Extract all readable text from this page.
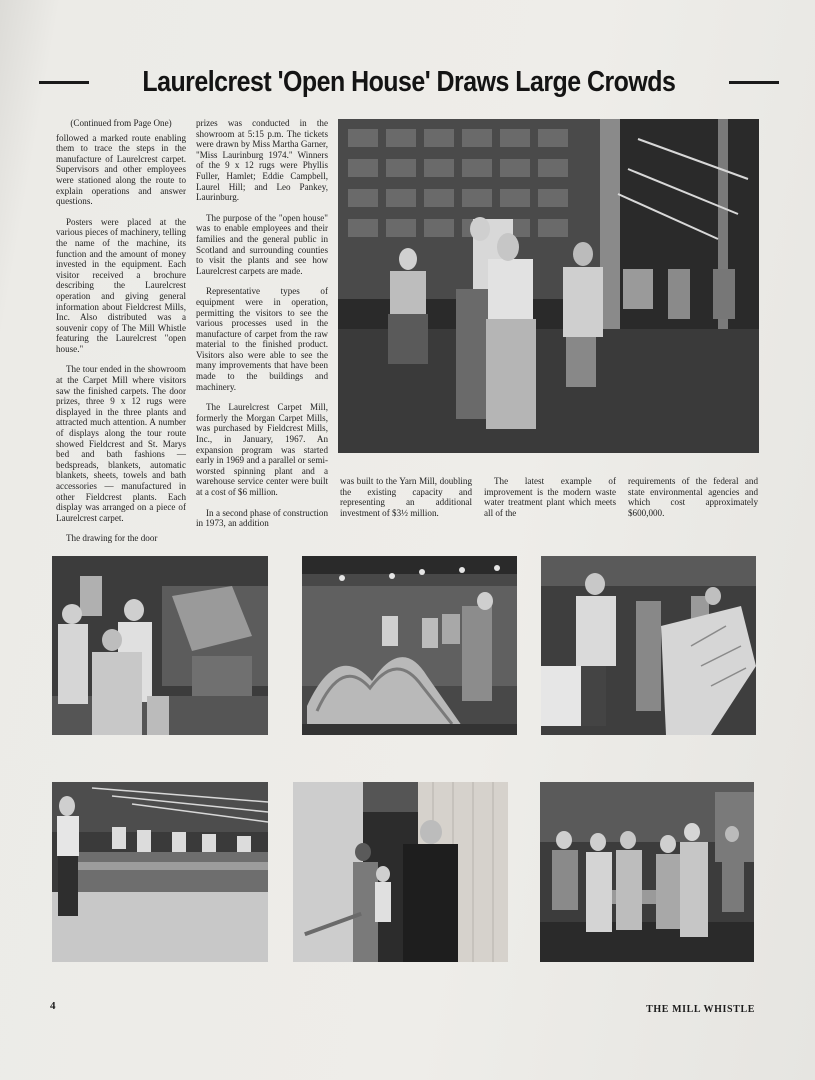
Laurelcrest 'Open House' Draws Large Crowds

(Continued from Page One)

followed a marked route enabling them to trace the steps in the manufacture of Laurelcrest carpet. Supervisors and other employees were stationed along the route to explain operations and answer questions.

Posters were placed at the various pieces of machinery, telling the name of the machine, its function and the amount of money invested in the equipment. Each visitor received a brochure describing the Laurelcrest operation and giving general information about Fieldcrest Mills, Inc. Also distributed was a souvenir copy of The Mill Whistle featuring the Laurelcrest "open house."

The tour ended in the showroom at the Carpet Mill where visitors saw the finished carpets. The door prizes, three 9 x 12 rugs were displayed in the three plants and attracted much attention. A number of displays along the tour route showed Fieldcrest and St. Marys bed and bath fashions — bedspreads, blankets, automatic blankets, sheets, towels and bath accessories — manufactured in other Fieldcrest plants. Each display was arranged on a piece of Laurelcrest carpet.

The drawing for the door

prizes was conducted in the showroom at 5:15 p.m. The tickets were drawn by Miss Martha Garner, "Miss Laurinburg 1974." Winners of the 9 x 12 rugs were Phyllis Fuller, Hamlet; Eddie Campbell, Laurel Hill; and Leo Pankey, Laurinburg.

The purpose of the "open house" was to enable employees and their families and the general public in Scotland and surrounding counties to visit the plants and see how Laurelcrest carpets are made.

Representative types of equipment were in operation, permitting the visitors to see the various processes used in the manufacture of carpet from the raw material to the finished product. Visitors also were able to see the many improvements that have been made to the buildings and machinery.

The Laurelcrest Carpet Mill, formerly the Morgan Carpet Mills, was purchased by Fieldcrest Mills, Inc., in January, 1967. An expansion program was started early in 1969 and a parallel or semi-worsted spinning plant and a warehouse service center were built at a cost of $6 million.

In a second phase of construction in 1973, an addition

was built to the Yarn Mill, doubling the existing capacity and representing an additional investment of $3½ million.

The latest example of improvement is the modern waste water treatment plant which meets all of the

requirements of the federal and state environmental agencies and which cost approximately $600,000.

4	THE MILL WHISTLE
